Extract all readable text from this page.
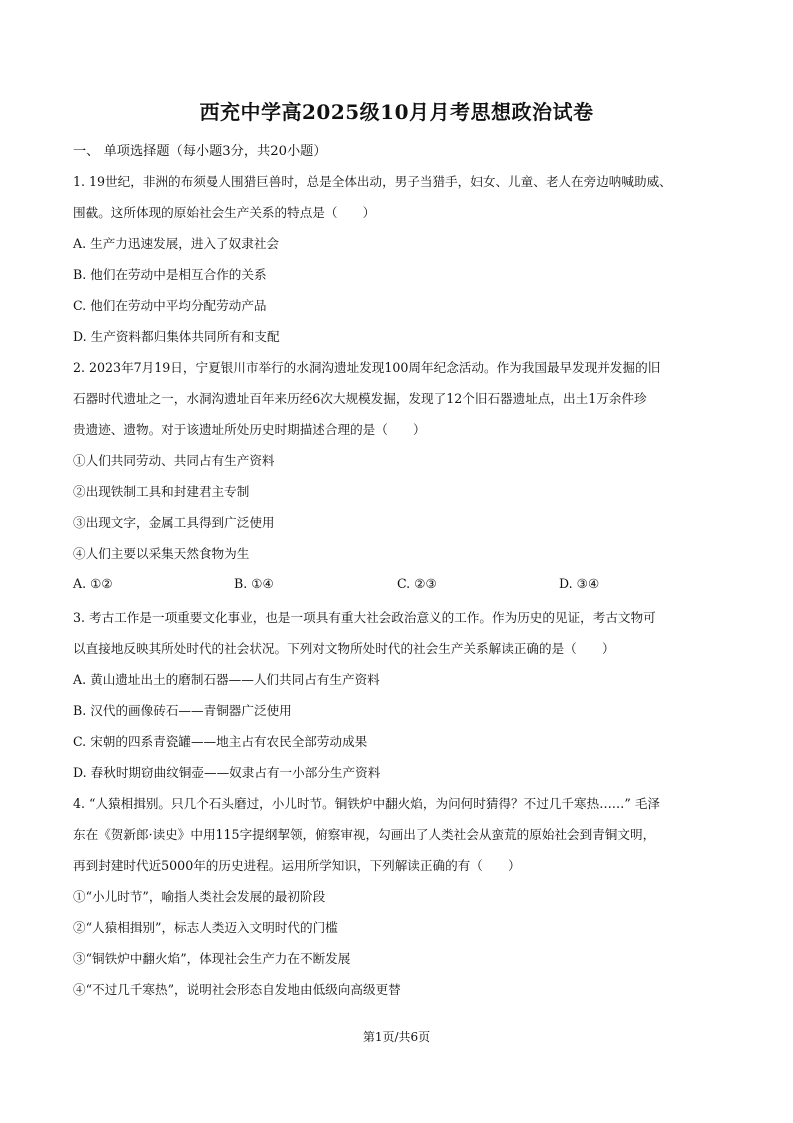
西充中学高2025级10月月考思想政治试卷
一、 单项选择题（每小题3分，共20小题）
1. 19世纪，非洲的布须曼人围猎巨兽时，总是全体出动，男子当猎手，妇女、儿童、老人在旁边呐喊助威、
围截。这所体现的原始社会生产关系的特点是（　　）
A. 生产力迅速发展，进入了奴隶社会
B. 他们在劳动中是相互合作的关系
C. 他们在劳动中平均分配劳动产品
D. 生产资料都归集体共同所有和支配
2. 2023年7月19日，宁夏银川市举行的水洞沟遗址发现100周年纪念活动。作为我国最早发现并发掘的旧
石器时代遗址之一，水洞沟遗址百年来历经6次大规模发掘，发现了12个旧石器遗址点，出土1万余件珍
贵遗迹、遗物。对于该遗址所处历史时期描述合理的是（　　）
①人们共同劳动、共同占有生产资料
②出现铁制工具和封建君主专制
③出现文字，金属工具得到广泛使用
④人们主要以采集天然食物为生
A. ①②	B. ①④	C. ②③	D. ③④
3. 考古工作是一项重要文化事业，也是一项具有重大社会政治意义的工作。作为历史的见证，考古文物可
以直接地反映其所处时代的社会状况。下列对文物所处时代的社会生产关系解读正确的是（　　）
A. 黄山遗址出土的磨制石器——人们共同占有生产资料
B. 汉代的画像砖石——青铜器广泛使用
C. 宋朝的四系青瓷罐——地主占有农民全部劳动成果
D. 春秋时期窃曲纹铜壶——奴隶占有一小部分生产资料
4. “人猿相揖别。只几个石头磨过，小儿时节。铜铁炉中翻火焰，为问何时猜得？不过几千寒热……” 毛泽
东在《贺新郎·读史》中用115字提纲挈领，俯察审视，勾画出了人类社会从蛮荒的原始社会到青铜文明，
再到封建时代近5000年的历史进程。运用所学知识，下列解读正确的有（　　）
①“小儿时节”，喻指人类社会发展的最初阶段
②“人猿相揖别”，标志人类迈入文明时代的门槛
③“铜铁炉中翻火焰”，体现社会生产力在不断发展
④“不过几千寒热”，说明社会形态自发地由低级向高级更替
第1页/共6页
